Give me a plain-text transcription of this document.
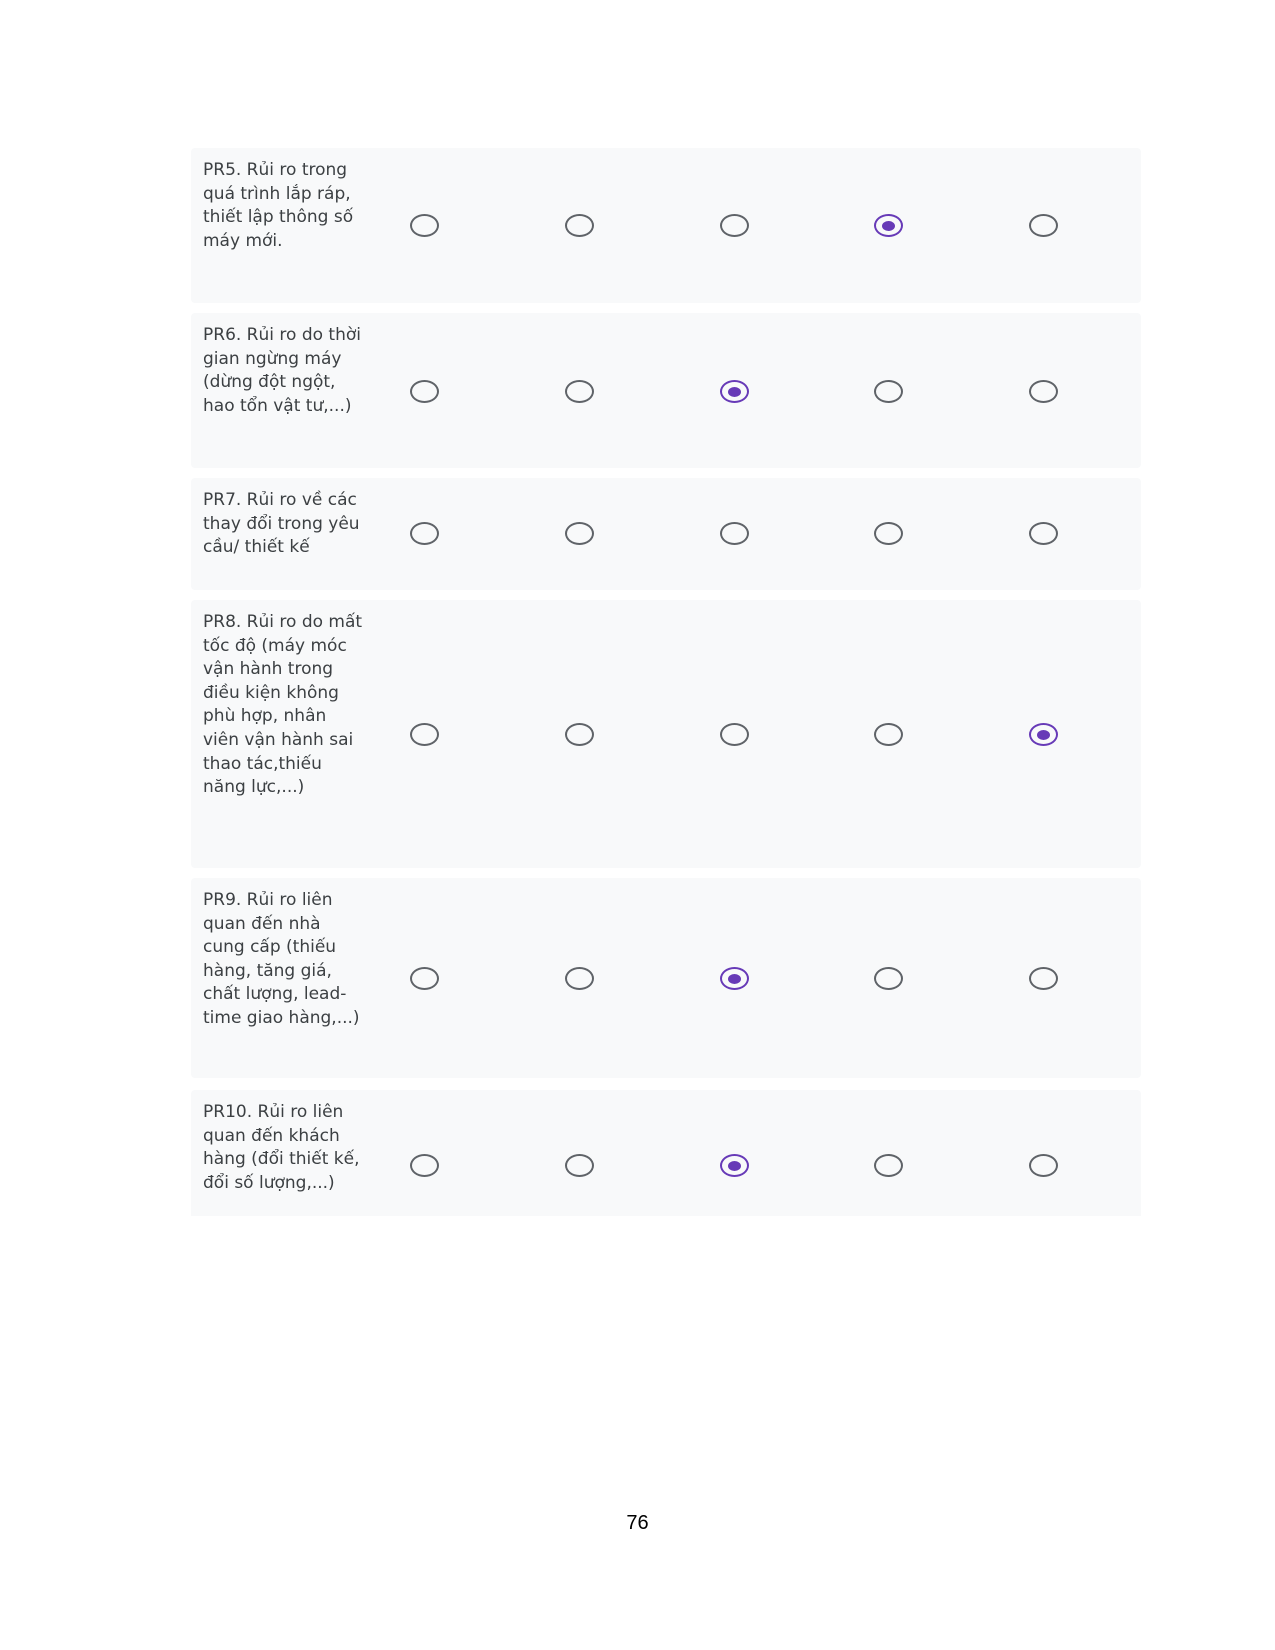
PR5. Rủi ro trong quá trình lắp ráp, thiết lập thông số máy mới.

PR6. Rủi ro do thời gian ngừng máy (dừng đột ngột, hao tổn vật tư,...)

PR7. Rủi ro về các thay đổi trong yêu cầu/ thiết kế

PR8. Rủi ro do mất tốc độ (máy móc vận hành trong điều kiện không phù hợp, nhân viên vận hành sai thao tác,thiếu năng lực,...)

PR9. Rủi ro liên quan đến nhà cung cấp (thiếu hàng, tăng giá, chất lượng, lead-time giao hàng,...)

PR10. Rủi ro liên quan đến khách hàng (đổi thiết kế, đổi số lượng,...)

76
